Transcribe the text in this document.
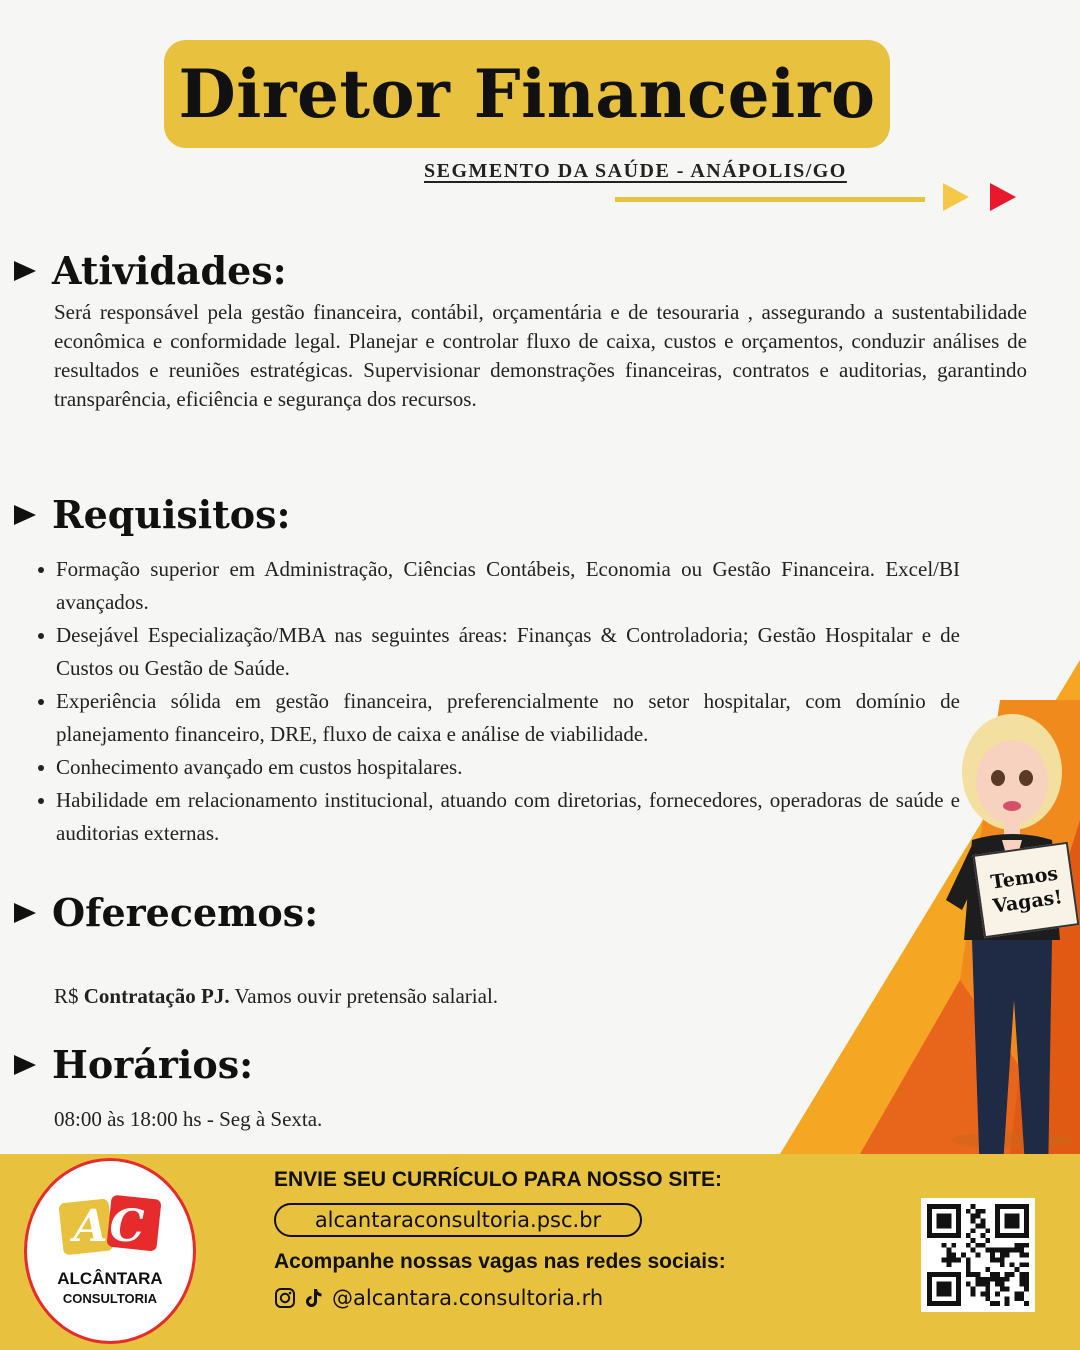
Diretor Financeiro
SEGMENTO DA SAÚDE - ANÁPOLIS/GO
Atividades:

Será responsável pela gestão financeira, contábil, orçamentária e de tesouraria , assegurando a sustentabilidade econômica e conformidade legal. Planejar e controlar fluxo de caixa, custos e orçamentos, conduzir análises de resultados e reuniões estratégicas. Supervisionar demonstrações financeiras, contratos e auditorias, garantindo transparência, eficiência e segurança dos recursos.

Requisitos:
Formação superior em Administração, Ciências Contábeis, Economia ou Gestão Financeira. Excel/BI avançados.
Desejável Especialização/MBA nas seguintes áreas: Finanças & Controladoria; Gestão Hospitalar e de Custos ou Gestão de Saúde.
Experiência sólida em gestão financeira, preferencialmente no setor hospitalar, com domínio de planejamento financeiro, DRE, fluxo de caixa e análise de viabilidade.
Conhecimento avançado em custos hospitalares.
Habilidade em relacionamento institucional, atuando com diretorias, fornecedores, operadoras de saúde e auditorias externas.
Oferecemos:

R$ Contratação PJ. Vamos ouvir pretensão salarial.

Horários:

08:00 às 18:00 hs - Seg à Sexta.

Temos
Vagas!
AC
ALCÂNTARA
CONSULTORIA
ENVIE SEU CURRÍCULO PARA NOSSO SITE:
alcantaraconsultoria.psc.br
Acompanhe nossas vagas nas redes sociais:
@alcantara.consultoria.rh
